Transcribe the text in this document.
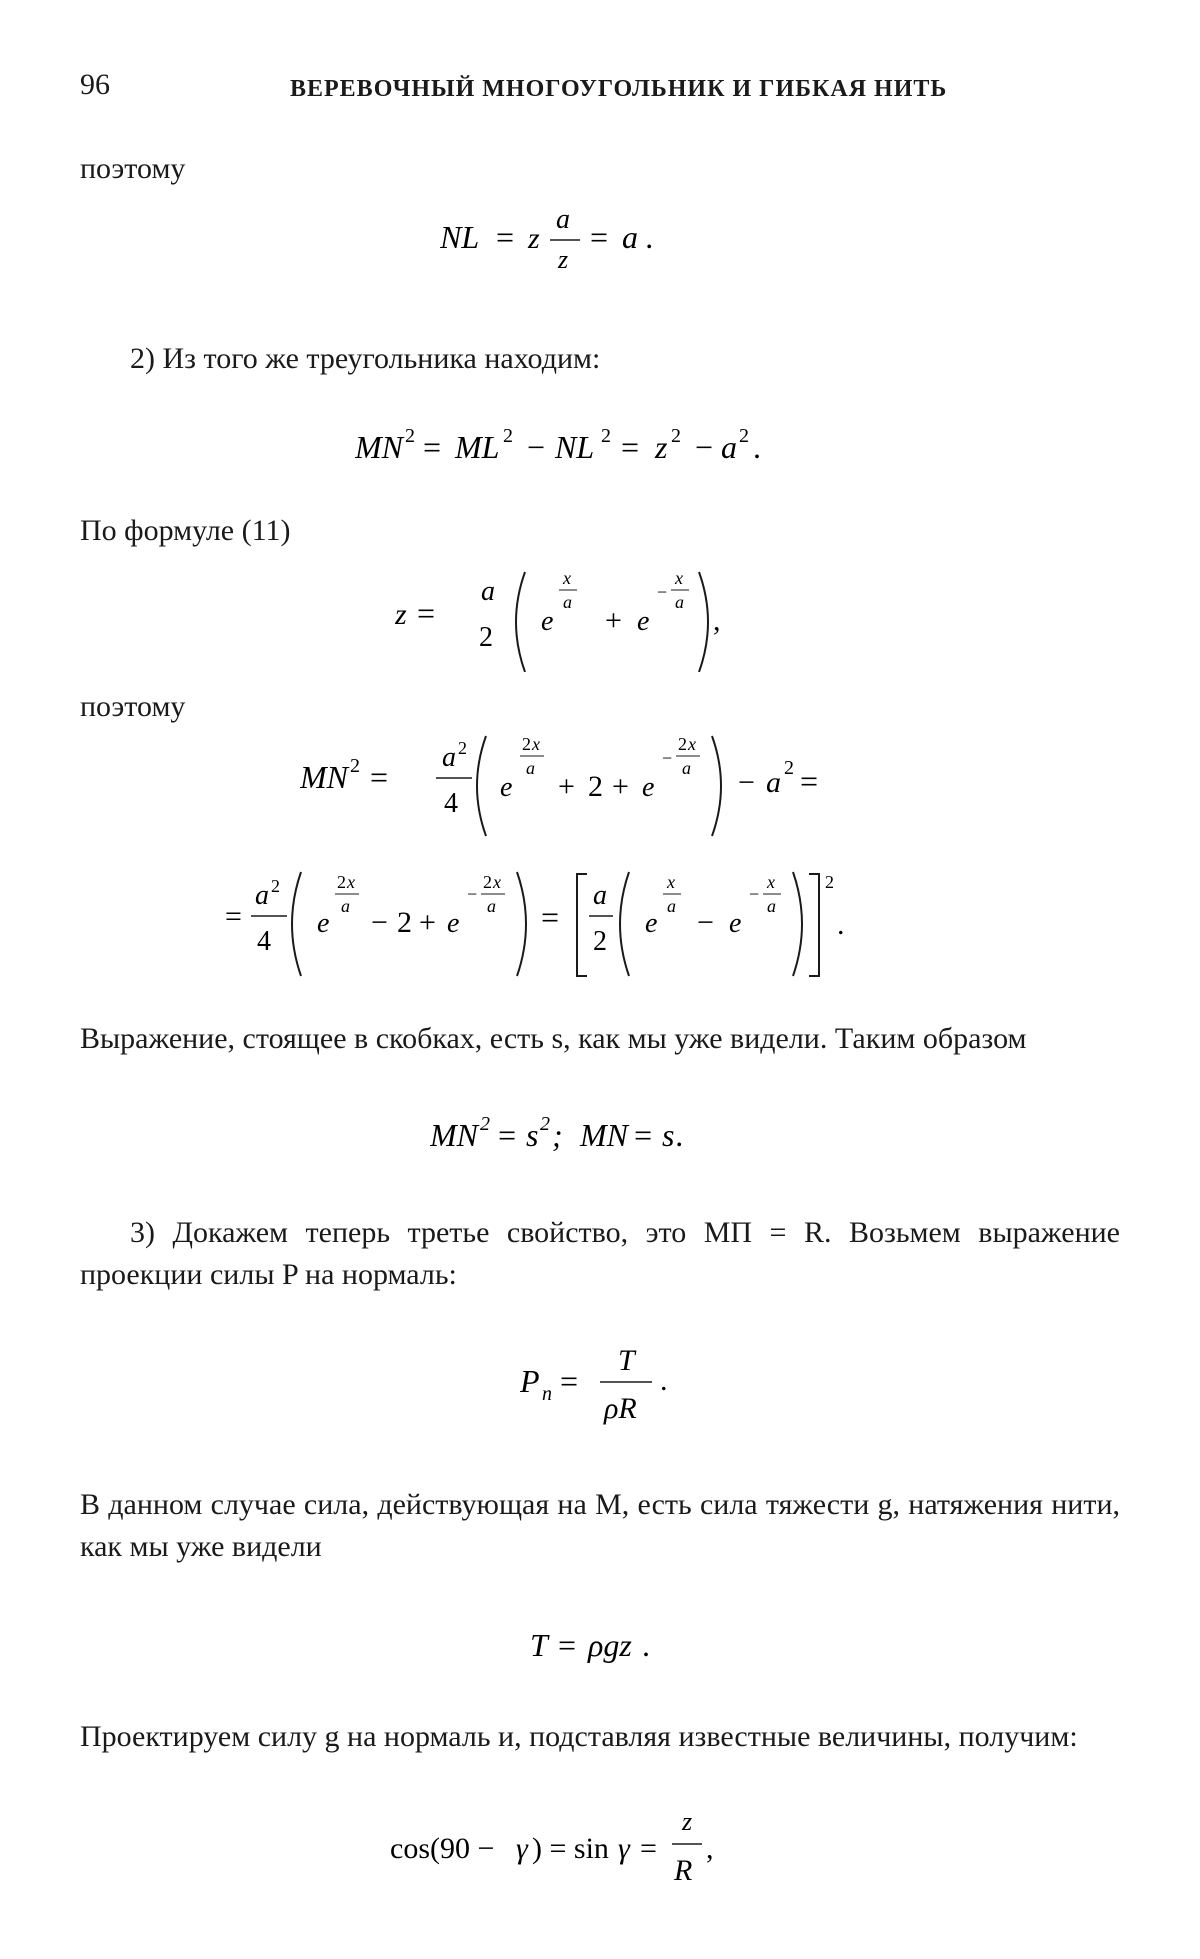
96	ВЕРЕВОЧНЫЙ МНОГОУГОЛЬНИК И ГИБКАЯ НИТЬ
поэтому
NL = z
a
z
= a .
2) Из того же треугольника находим:
MN 2 = ML 2 − NL 2 = z 2 − a 2 .
По формуле (11)
z =
a
2
e
x
a
+ e
−
x
a
,
поэтому
MN 2 =
a 2
4
e
2 x
a
+ 2 + e
−
2 x
a − a 2 =
=
a 2
4
e
2 x
a − 2 + e
−
2 x
a =
a
2
e
x
a − e
−
x
a
2
.
Выражение, стоящее в скобках, есть s, как мы уже видели. Таким образом
MN 2 = s 2 ; MN = s .
3) Докажем теперь третье свойство, это MП = R. Возьмем выражение проекции силы P на нормаль:
P n =
T
ρR
.
В данном случае сила, действующая на M, есть сила тяжести g, натяжения нити, как мы уже видели
T = ρgz .
Проектируем силу g на нормаль и, подставляя известные величины, получим:
cos(90 − γ ) = sin γ =
z
R
,
